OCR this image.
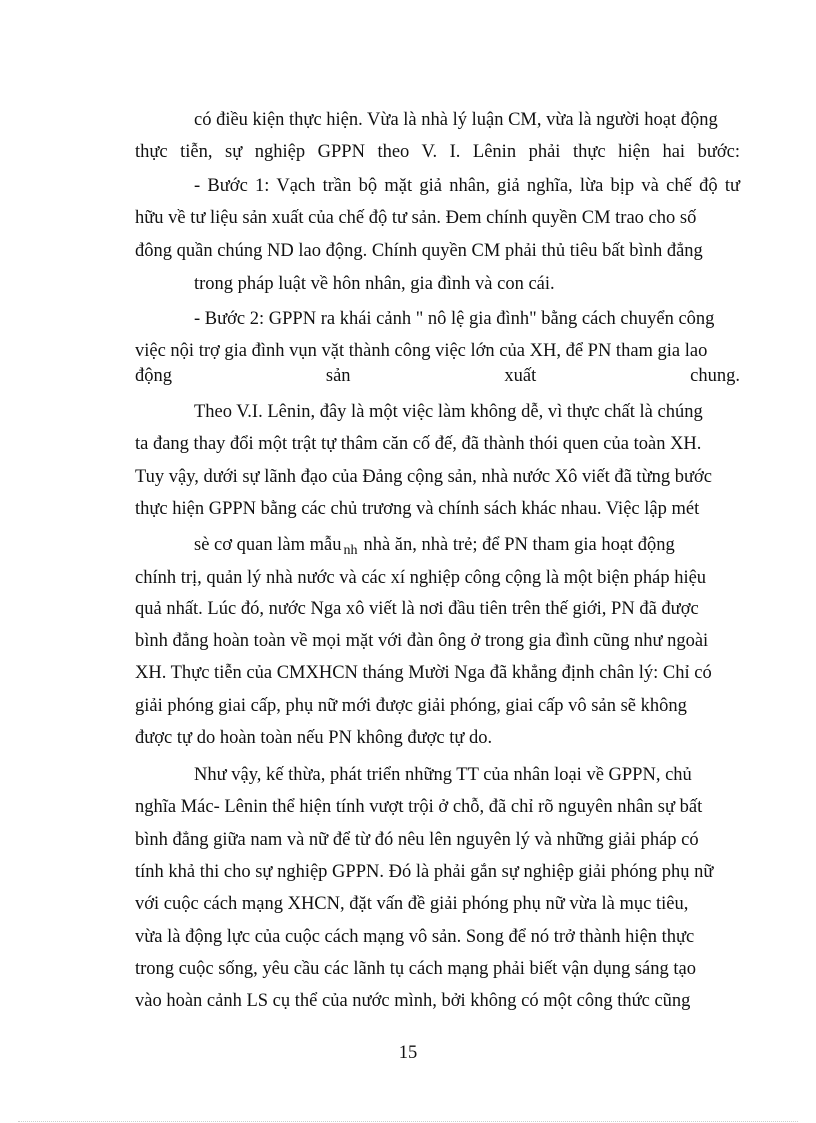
có điều kiện thực hiện. Vừa là nhà lý luận CM, vừa là người hoạt động

thực tiễn, sự nghiệp GPPN theo V. I. Lênin phải thực hiện hai bước:

- Bước 1: Vạch trần bộ mặt giả nhân, giả nghĩa, lừa bịp và chế độ tư

hữu về tư liệu sản xuất của chế độ tư sản. Đem chính quyền CM trao cho số

đông quần chúng ND lao động. Chính quyền CM phải thủ tiêu bất bình đẳng

trong pháp luật về hôn nhân, gia đình và con cái.

- Bước 2: GPPN ra khái cảnh " nô lệ gia đình" bằng cách chuyển công

việc nội trợ gia đình vụn vặt thành công việc lớn của XH, để PN tham gia lao

động sản xuất chung.

Theo V.I. Lênin, đây là một việc làm không dễ, vì thực chất là chúng

ta đang thay đổi một trật tự thâm căn cố đế, đã thành thói quen của toàn XH.

Tuy vậy, dưới sự lãnh đạo của Đảng cộng sản, nhà nước Xô viết đã từng bước

thực hiện GPPN bằng các chủ trương và chính sách khác nhau. Việc lập mét

sè cơ quan làm mẫu $_{nh}$ nhà ăn, nhà trẻ; để PN tham gia hoạt động

chính trị, quản lý nhà nước và các xí nghiệp công cộng là một biện pháp hiệu

quả nhất. Lúc đó, nước Nga xô viết là nơi đầu tiên trên thế giới, PN đã được

bình đẳng hoàn toàn về mọi mặt với đàn ông ở trong gia đình cũng như ngoài

XH. Thực tiễn của CMXHCN tháng Mười Nga đã khẳng định chân lý: Chỉ có

giải phóng giai cấp, phụ nữ mới được giải phóng, giai cấp vô sản sẽ không

được tự do hoàn toàn nếu PN không được tự do.

Như vậy, kế thừa, phát triển những TT của nhân loại về GPPN, chủ

nghĩa Mác- Lênin thể hiện tính vượt trội ở chỗ, đã chỉ rõ nguyên nhân sự bất

bình đẳng giữa nam và nữ để từ đó nêu lên nguyên lý và những giải pháp có

tính khả thi cho sự nghiệp GPPN. Đó là phải gắn sự nghiệp giải phóng phụ nữ

với cuộc cách mạng XHCN, đặt vấn đề giải phóng phụ nữ vừa là mục tiêu,

vừa là động lực của cuộc cách mạng vô sản. Song để nó trở thành hiện thực

trong cuộc sống, yêu cầu các lãnh tụ cách mạng phải biết vận dụng sáng tạo

vào hoàn cảnh LS cụ thể của nước mình, bởi không có một công thức cũng

15
